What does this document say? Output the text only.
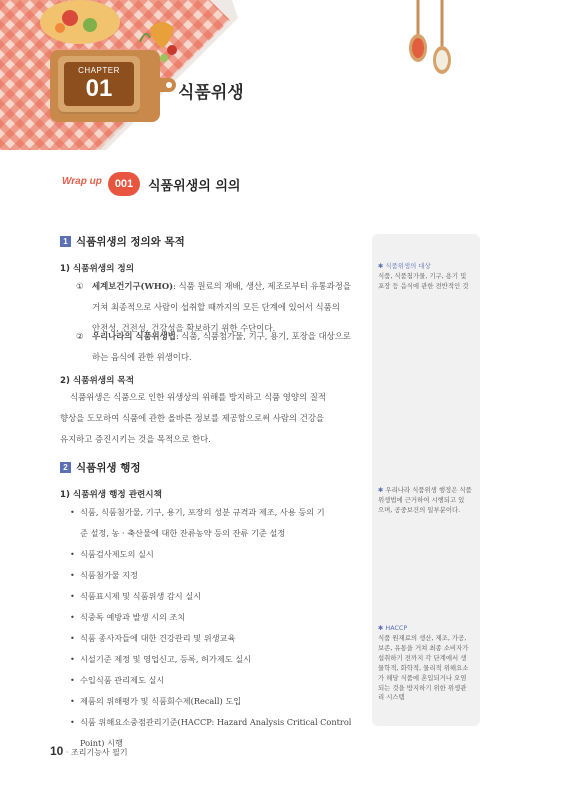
CHAPTER
01	식품위생
Wrap up	001	식품위생의 의의
✱ 식품위생의 대상
식품, 식품첨가물, 기구, 용기 및
포장 등 음식에 관한 전반적인 것
✱ 우리나라 식품위생 행정은 식품
위생법에 근거하여 시행되고 있
으며, 공중보건의 일부분이다.
✱ HACCP
식품 원재료의 생산, 제조, 가공,
보존, 유통을 거쳐 최종 소비자가
섭취하기 전까지 각 단계에서 생
물학적, 화학적, 물리적 위해요소
가 해당 식품에 혼입되거나 오염
되는 것을 방지하기 위한 위생관
리 시스템
1 식품위생의 정의와 목적
1) 식품위생의 정의
① 세계보건기구(WHO): 식품 원료의 재배, 생산, 제조로부터 유통과정을
거쳐 최종적으로 사람이 섭취할 때까지의 모든 단계에 있어서 식품의
안전성, 건전성, 건강성을 확보하기 위한 수단이다.
② 우리나라의 식품위생법: 식품, 식품첨가물, 기구, 용기, 포장을 대상으로
하는 음식에 관한 위생이다.
2) 식품위생의 목적
식품위생은 식품으로 인한 위생상의 위해를 방지하고 식품 영양의 질적
향상을 도모하여 식품에 관한 올바른 정보를 제공함으로써 사람의 건강을
유지하고 증진시키는 것을 목적으로 한다.
2 식품위생 행정
1) 식품위생 행정 관련시책
• 식품, 식품첨가물, 기구, 용기, 포장의 성분 규격과 제조, 사용 등의 기
준 설정, 농 · 축산물에 대한 잔류농약 등의 잔류 기준 설정
• 식품검사제도의 실시
• 식품첨가물 지정
• 식품표시제 및 식품위생 감시 실시
• 식중독 예방과 발생 시의 조치
• 식품 종사자들에 대한 건강관리 및 위생교육
• 시설기준 제정 및 영업신고, 등록, 허가제도 실시
• 수입식품 관리제도 실시
• 제품의 위해평가 및 식품회수제(Recall) 도입
• 식품 위해요소중점관리기준(HACCP: Hazard Analysis Critical Control
Point) 시행
10 · 조리기능사 필기
